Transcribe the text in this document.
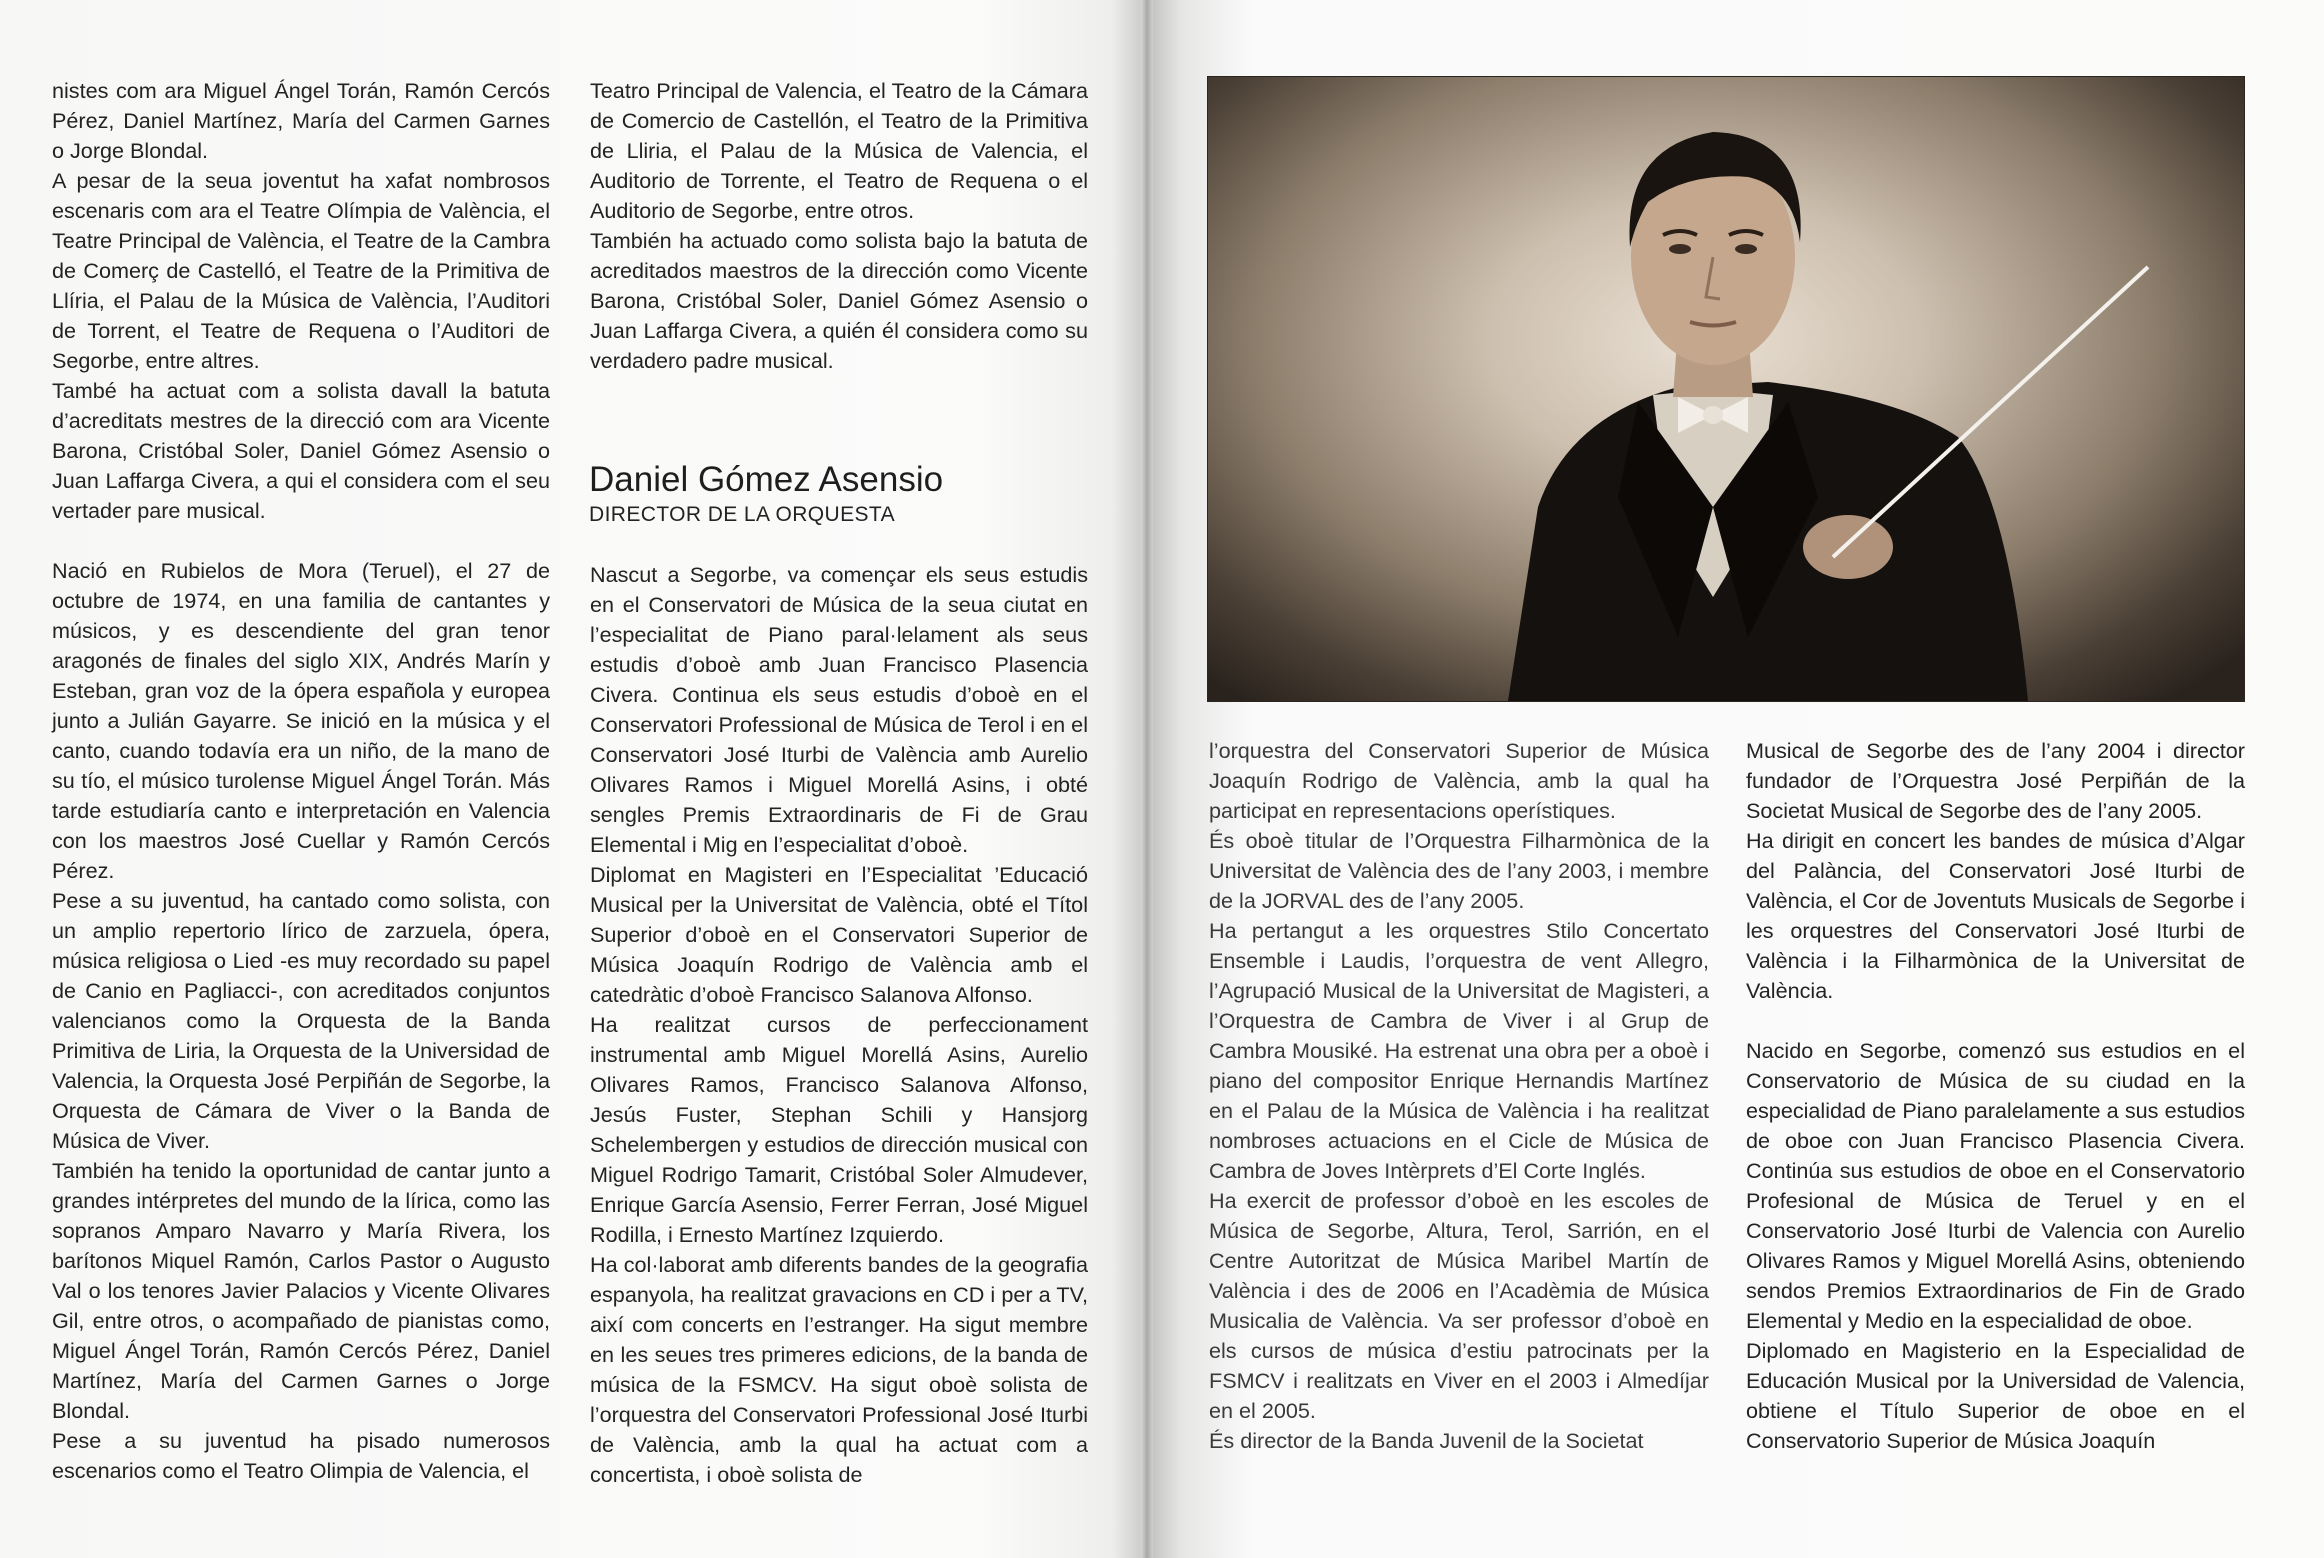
nistes com ara Miguel Ángel Torán, Ramón Cercós Pérez, Daniel Martínez, María del Carmen Garnes o Jorge Blondal.

A pesar de la seua joventut ha xafat nombrosos escenaris com ara el Teatre Olímpia de València, el Teatre Principal de València, el Teatre de la Cambra de Comerç de Castelló, el Teatre de la Primitiva de Llíria, el Palau de la Música de València, l’Auditori de Torrent, el Teatre de Requena o l’Auditori de Segorbe, entre altres.

També ha actuat com a solista davall la batuta d’acreditats mestres de la direcció com ara Vicente Barona, Cristóbal Soler, Daniel Gómez Asensio o Juan Laffarga Civera, a qui el considera com el seu vertader pare musical.

Nació en Rubielos de Mora (Teruel), el 27 de octubre de 1974, en una familia de cantantes y músicos, y es descendiente del gran tenor aragonés de finales del siglo XIX, Andrés Marín y Esteban, gran voz de la ópera española y europea junto a Julián Gayarre. Se inició en la música y el canto, cuando todavía era un niño, de la mano de su tío, el músico turolense Miguel Ángel Torán. Más tarde estudiaría canto e interpretación en Valencia con los maestros José Cuellar y Ramón Cercós Pérez.

Pese a su juventud, ha cantado como solista, con un amplio repertorio lírico de zarzuela, ópera, música religiosa o Lied -es muy recordado su papel de Canio en Pagliacci-, con acreditados conjuntos valencianos como la Orquesta de la Banda Primitiva de Liria, la Orquesta de la Universidad de Valencia, la Orquesta José Perpiñán de Segorbe, la Orquesta de Cámara de Viver o la Banda de Música de Viver.

También ha tenido la oportunidad de cantar junto a grandes intérpretes del mundo de la lírica, como las sopranos Amparo Navarro y María Rivera, los barítonos Miquel Ramón, Carlos Pastor o Augusto Val o los tenores Javier Palacios y Vicente Olivares Gil, entre otros, o acompañado de pianistas como, Miguel Ángel Torán, Ramón Cercós Pérez, Daniel Martínez, María del Carmen Garnes o Jorge Blondal.

Pese a su juventud ha pisado numerosos escenarios como el Teatro Olimpia de Valencia, el

Teatro Principal de Valencia, el Teatro de la Cámara de Comercio de Castellón, el Teatro de la Primitiva de Lliria, el Palau de la Música de Valencia, el Auditorio de Torrente, el Teatro de Requena o el Auditorio de Segorbe, entre otros.

También ha actuado como solista bajo la batuta de acreditados maestros de la dirección como Vicente Barona, Cristóbal Soler, Daniel Gómez Asensio o Juan Laffarga Civera, a quién él considera como su verdadero padre musical.

Daniel Gómez Asensio
DIRECTOR DE LA ORQUESTA

Nascut a Segorbe, va començar els seus estudis en el Conservatori de Música de la seua ciutat en l’especialitat de Piano paral·lelament als seus estudis d’oboè amb Juan Francisco Plasencia Civera. Continua els seus estudis d’oboè en el Conservatori Professional de Música de Terol i en el Conservatori José Iturbi de València amb Aurelio Olivares Ramos i Miguel Morellá Asins, i obté sengles Premis Extraordinaris de Fi de Grau Elemental i Mig en l’especialitat d’oboè.

Diplomat en Magisteri en l’Especialitat ’Educació Musical per la Universitat de València, obté el Títol Superior d’oboè en el Conservatori Superior de Música Joaquín Rodrigo de València amb el catedràtic d’oboè Francisco Salanova Alfonso.

Ha realitzat cursos de perfeccionament instrumental amb Miguel Morellá Asins, Aurelio Olivares Ramos, Francisco Salanova Alfonso, Jesús Fuster, Stephan Schili y Hansjorg Schelembergen y estudios de dirección musical con Miguel Rodrigo Tamarit, Cristóbal Soler Almudever, Enrique García Asensio, Ferrer Ferran, José Miguel Rodilla, i Ernesto Martínez Izquierdo.

Ha col·laborat amb diferents bandes de la geografia espanyola, ha realitzat gravacions en CD i per a TV, així com concerts en l’estranger. Ha sigut membre en les seues tres primeres edicions, de la banda de música de la FSMCV. Ha sigut oboè solista de l’orquestra del Conservatori Professional José Iturbi de València, amb la qual ha actuat com a concertista, i oboè solista de

l’orquestra del Conservatori Superior de Música Joaquín Rodrigo de València, amb la qual ha participat en representacions operístiques.

És oboè titular de l’Orquestra Filharmònica de la Universitat de València des de l’any 2003, i membre de la JORVAL des de l’any 2005.

Ha pertangut a les orquestres Stilo Concertato Ensemble i Laudis, l’orquestra de vent Allegro, l’Agrupació Musical de la Universitat de Magisteri, a l’Orquestra de Cambra de Viver i al Grup de Cambra Mousiké. Ha estrenat una obra per a oboè i piano del compositor Enrique Hernandis Martínez en el Palau de la Música de València i ha realitzat nombroses actuacions en el Cicle de Música de Cambra de Joves Intèrprets d’El Corte Inglés.

Ha exercit de professor d’oboè en les escoles de Música de Segorbe, Altura, Terol, Sarrión, en el Centre Autoritzat de Música Maribel Martín de València i des de 2006 en l’Acadèmia de Música Musicalia de València. Va ser professor d’oboè en els cursos de música d’estiu patrocinats per la FSMCV i realitzats en Viver en el 2003 i Almedíjar en el 2005.

És director de la Banda Juvenil de la Societat

Musical de Segorbe des de l’any 2004 i director fundador de l’Orquestra José Perpiñán de la Societat Musical de Segorbe des de l’any 2005.

Ha dirigit en concert les bandes de música d’Algar del Palància, del Conservatori José Iturbi de València, el Cor de Joventuts Musicals de Segorbe i les orquestres del Conservatori José Iturbi de València i la Filharmònica de la Universitat de València.

Nacido en Segorbe, comenzó sus estudios en el Conservatorio de Música de su ciudad en la especialidad de Piano paralelamente a sus estudios de oboe con Juan Francisco Plasencia Civera. Continúa sus estudios de oboe en el Conservatorio Profesional de Música de Teruel y en el Conservatorio José Iturbi de Valencia con Aurelio Olivares Ramos y Miguel Morellá Asins, obteniendo sendos Premios Extraordinarios de Fin de Grado Elemental y Medio en la especialidad de oboe.

Diplomado en Magisterio en la Especialidad de Educación Musical por la Universidad de Valencia, obtiene el Título Superior de oboe en el Conservatorio Superior de Música Joaquín
